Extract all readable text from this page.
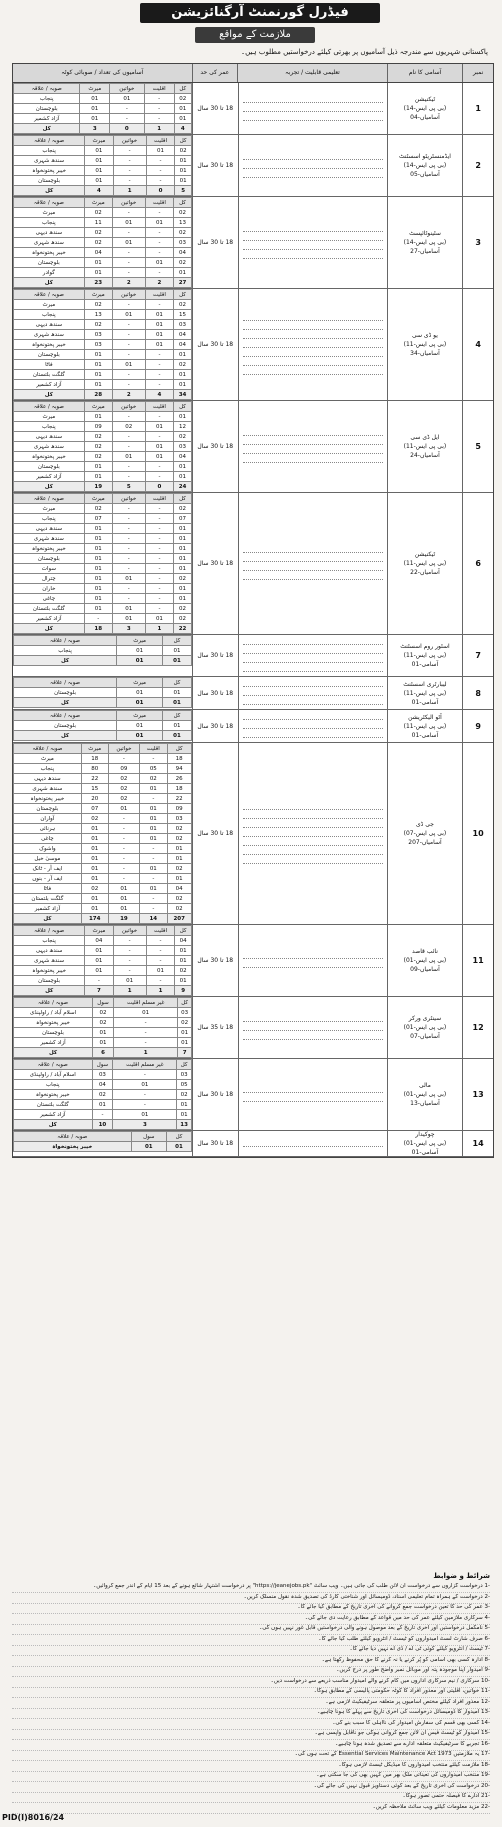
فیڈرل گورنمنٹ آرگنائزیشن
ملازمت کے مواقع
پاکستانی شہریوں سے مندرجہ ذیل آسامیوں پر بھرتی کیلئے درخواستیں مطلوب ہیں۔
آسامیوں کی تعداد / صوبائی کوٹہ	عمر کی حد	تعلیمی قابلیت / تجربہ	آسامی کا نام	نمبر
صوبہ / علاقہ	میرٹ	خواتین	اقلیت	کل
پنجاب	01	01	-	02
بلوچستان	01	-	-	01
آزاد کشمیر	01	-	-	01
کل	3	0	1	4
18 تا 30 سال
ٹیکنیشن
(بی پی ایس-14)
آسامیاں-04
1
صوبہ / علاقہ	میرٹ	خواتین	اقلیت	کل
پنجاب	01	-	01	02
سندھ شہری	01	-	-	01
خیبر پختونخواہ	01	-	-	01
بلوچستان	01	-	-	01
کل	4	1	0	5
18 تا 30 سال
ایڈمنسٹریٹو اسسٹنٹ
(بی پی ایس-14)
آسامیاں-05
2
صوبہ / علاقہ	میرٹ	خواتین	اقلیت	کل
میرٹ	02	-	-	02
پنجاب	11	01	01	13
سندھ دیہی	02	-	-	02
سندھ شہری	02	01	-	03
خیبر پختونخواہ	04	-	-	04
بلوچستان	01	-	01	02
گوادر	01	-	-	01
کل	23	2	2	27
18 تا 30 سال
سٹینوٹائپسٹ
(بی پی ایس-14)
آسامیاں-27
3
صوبہ / علاقہ	میرٹ	خواتین	اقلیت	کل
میرٹ	02	-	-	02
پنجاب	13	01	01	15
سندھ دیہی	02	-	01	03
سندھ شہری	03	-	01	04
خیبر پختونخواہ	03	-	01	04
بلوچستان	01	-	-	01
فاٹا	01	01	-	02
گلگت بلتستان	01	-	-	01
آزاد کشمیر	01	-	-	01
کل	28	2	4	34
18 تا 30 سال
یو ڈی سی
(بی پی ایس-11)
آسامیاں-34
4
صوبہ / علاقہ	میرٹ	خواتین	اقلیت	کل
میرٹ	01	-	-	01
پنجاب	09	02	01	12
سندھ دیہی	02	-	-	02
سندھ شہری	02	-	01	03
خیبر پختونخواہ	02	01	01	04
بلوچستان	01	-	-	01
آزاد کشمیر	01	-	-	01
کل	19	5	0	24
18 تا 30 سال
ایل ڈی سی
(بی پی ایس-11)
آسامیاں-24
5
صوبہ / علاقہ	میرٹ	خواتین	اقلیت	کل
میرٹ	02	-	-	02
پنجاب	07	-	-	07
سندھ دیہی	01	-	-	01
سندھ شہری	01	-	-	01
خیبر پختونخواہ	01	-	-	01
بلوچستان	01	-	-	01
سوات	01	-	-	01
چترال	01	01	-	02
خاران	01	-	-	01
چاغی	01	-	-	01
گلگت بلتستان	01	01	-	02
آزاد کشمیر	-	01	01	02
کل	18	3	1	22
18 تا 30 سال
ٹیکنیشن
(بی پی ایس-11)
آسامیاں-22
6
صوبہ / علاقہ	میرٹ	کل
پنجاب	01	01
کل	01	01
18 تا 30 سال
اسٹور روم اسسٹنٹ
(بی پی ایس-11)
آسامی-01
7
صوبہ / علاقہ	میرٹ	کل
بلوچستان	01	01
کل	01	01
18 تا 30 سال
لیبارٹری اسسٹنٹ
(بی پی ایس-11)
آسامی-01
8
صوبہ / علاقہ	میرٹ	کل
بلوچستان	01	01
کل	01	01
18 تا 30 سال
آٹو الیکٹریشن
(بی پی ایس-11)
آسامی-01
9
صوبہ / علاقہ	میرٹ	خواتین	اقلیت	کل
میرٹ	18	-	-	18
پنجاب	80	09	05	94
سندھ دیہی	22	02	02	26
سندھ شہری	15	02	01	18
خیبر پختونخواہ	20	02	-	22
بلوچستان	07	01	01	09
آواران	02	-	01	03
ہرنائی	01	-	01	02
چاغی	01	-	01	02
واشوک	01	-	-	01
موسیٰ خیل	01	-	-	01
ایف آر - ٹانک	01	-	01	02
ایف آر - بنوں	01	-	-	01
فاٹا	02	01	01	04
گلگت بلتستان	01	01	-	02
آزاد کشمیر	01	01	-	02
کل	174	19	14	207
18 تا 30 سال
جی ڈی
(بی پی ایس-07)
آسامیاں-207
10
صوبہ / علاقہ	میرٹ	خواتین	اقلیت	کل
پنجاب	04	-	-	04
سندھ دیہی	01	-	-	01
سندھ شہری	01	-	-	01
خیبر پختونخواہ	01	-	01	02
بلوچستان	-	01	-	01
کل	7	1	1	9
18 تا 30 سال
نائب قاصد
(بی پی ایس-01)
آسامیاں-09
11
صوبہ / علاقہ	سول	غیر مسلم اقلیت	کل
اسلام آباد / راولپنڈی	02	01	03
خیبر پختونخواہ	02	-	02
بلوچستان	01	-	01
آزاد کشمیر	01	-	01
کل	6	1	7
18 تا 35 سال
سینٹری ورکر
(بی پی ایس-01)
آسامیاں-07
12
صوبہ / علاقہ	سول	غیر مسلم اقلیت	کل
اسلام آباد / راولپنڈی	03	-	03
پنجاب	04	01	05
خیبر پختونخواہ	02	-	02
گلگت بلتستان	01	-	01
آزاد کشمیر	-	01	01
کل	10	3	13
18 تا 30 سال
مالی
(بی پی ایس-01)
آسامیاں-13
13
صوبہ / علاقہ	سول	کل
خیبر پختونخواہ	01	01	18 تا 30 سال
چوکیدار
(بی پی ایس-01)
آسامی-01
14
شرائط و ضوابط
-1 درخواست گزاروں سے درخواست آن لائن طلب کی جاتی ہیں۔ ویب سائٹ "https://jeanejobs.pk" پر درخواست اشتہار شائع ہونے کے بعد 15 ایام کے اندر جمع کروائیں۔
-2 درخواست کے ہمراہ تمام تعلیمی اسناد، ڈومیسائل اور شناختی کارڈ کی تصدیق شدہ نقول منسلک کریں۔
-3 عمر کی حد کا تعین درخواست جمع کروانے کی آخری تاریخ کے مطابق کیا جائے گا۔
-4 سرکاری ملازمین کیلئے عمر کی حد میں قواعد کے مطابق رعایت دی جائے گی۔
-5 نامکمل درخواستیں اور آخری تاریخ کے بعد موصول ہونے والی درخواستیں قابل غور نہیں ہوں گی۔
-6 صرف شارٹ لسٹ امیدواروں کو ٹیسٹ / انٹرویو کیلئے طلب کیا جائے گا۔
-7 ٹیسٹ / انٹرویو کیلئے کوئی ٹی اے / ڈی اے نہیں دیا جائے گا۔
-8 ادارہ کسی بھی آسامی کو پُر کرنے یا نہ کرنے کا حق محفوظ رکھتا ہے۔
-9 امیدوار اپنا موجودہ پتہ اور موبائل نمبر واضح طور پر درج کریں۔
-10 سرکاری / نیم سرکاری اداروں میں کام کرنے والے امیدوار مناسب ذریعے سے درخواست دیں۔
-11 خواتین، اقلیتی اور معذور افراد کا کوٹہ حکومتی پالیسی کے مطابق ہوگا۔
-12 معذور افراد کیلئے مختص آسامیوں پر متعلقہ سرٹیفیکیٹ لازمی ہے۔
-13 امیدوار کا ڈومیسائل درخواست کی آخری تاریخ سے پہلے کا ہونا چاہیے۔
-14 کسی بھی قسم کی سفارش امیدوار کی نااہلی کا سبب بنے گی۔
-15 امیدوار کو ٹیسٹ فیس آن لائن جمع کروانی ہوگی جو ناقابل واپسی ہے۔
-16 تجربے کا سرٹیفیکیٹ متعلقہ ادارے سے تصدیق شدہ ہونا چاہیے۔
-17 یہ ملازمتیں Essential Services Maintenance Act 1973 کے تحت ہوں گی۔
-18 ملازمت کیلئے منتخب امیدواروں کا میڈیکل ٹیسٹ لازمی ہوگا۔
-19 منتخب امیدواروں کی تعیناتی ملک بھر میں کہیں بھی کی جا سکتی ہے۔
-20 درخواست کی آخری تاریخ کے بعد کوئی دستاویز قبول نہیں کی جائے گی۔
-21 ادارے کا فیصلہ حتمی تصور ہوگا۔
-22 مزید معلومات کیلئے ویب سائٹ ملاحظہ کریں۔
PID(I)8016/24
